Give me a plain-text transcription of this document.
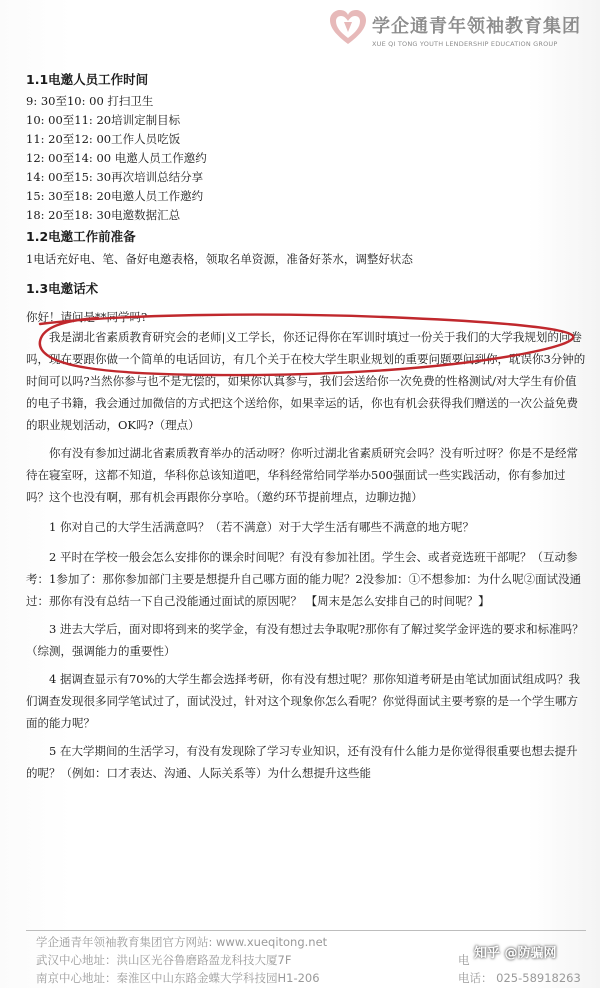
学企通青年领袖教育集团
XUE QI TONG YOUTH LENDERSHIP EDUCATION GROUP

1.1电邀人员工作时间

9: 30至10: 00 打扫卫生

10: 00至11: 20培训定制目标

11: 20至12: 00工作人员吃饭

12: 00至14: 00 电邀人员工作邀约

14: 00至15: 30再次培训总结分享

15: 30至18: 20电邀人员工作邀约

18: 20至18: 30电邀数据汇总

1.2电邀工作前准备

1电话充好电、笔、备好电邀表格，领取名单资源，准备好茶水，调整好状态

1.3电邀话术

你好！请问是**同学吗?

我是湖北省素质教育研究会的老师|义工学长，你还记得你在军训时填过一份关于我们的大学我规划的问卷吗，现在要跟你做一个简单的电话回访，有几个关于在校大学生职业规划的重要问题要问到你，耽误你3分钟的时间可以吗?当然你参与也不是无偿的，如果你认真参与，我们会送给你一次免费的性格测试/对大学生有价值的电子书籍，我会通过加微信的方式把这个送给你，如果幸运的话，你也有机会获得我们赠送的一次公益免费的职业规划活动，OK吗?（理点）

你有没有参加过湖北省素质教育举办的活动呀？你听过湖北省素质研究会吗？没有听过呀？你是不是经常待在寝室呀，这都不知道，华科你总该知道吧，华科经常给同学举办500强面试一些实践活动，你有参加过吗？这个也没有啊，那有机会再跟你分享哈。（邀约环节提前埋点，边聊边抛）

1 你对自己的大学生活满意吗？（若不满意）对于大学生活有哪些不满意的地方呢？

2 平时在学校一般会怎么安排你的课余时间呢？有没有参加社团。学生会、或者竞选班干部呢？（互动参考：1参加了：那你参加部门主要是想提升自己哪方面的能力呢？2没参加：①不想参加：为什么呢②面试没通过：那你有没有总结一下自己没能通过面试的原因呢？ 【周末是怎么安排自己的时间呢？】

3 进去大学后，面对即将到来的奖学金，有没有想过去争取呢?那你有了解过奖学金评选的要求和标准吗？（综测，强调能力的重要性）

4 据调查显示有70%的大学生都会选择考研，你有没有想过呢？那你知道考研是由笔试加面试组成吗？我们调查发现很多同学笔试过了，面试没过，针对这个现象你怎么看呢？你觉得面试主要考察的是一个学生哪方面的能力呢？

5 在大学期间的生活学习，有没有发现除了学习专业知识，还有没有什么能力是你觉得很重要也想去提升的呢？（例如：口才表达、沟通、人际关系等）为什么想提升这些能

学企通青年领袖教育集团官方网站: www.xueqitong.net
武汉中心地址：洪山区光谷鲁磨路盈龙科技大厦7F
南京中心地址：秦淮区中山东路金蝶大学科技园H1-206
电
电话： 025-58918263
知乎 @防骗网
